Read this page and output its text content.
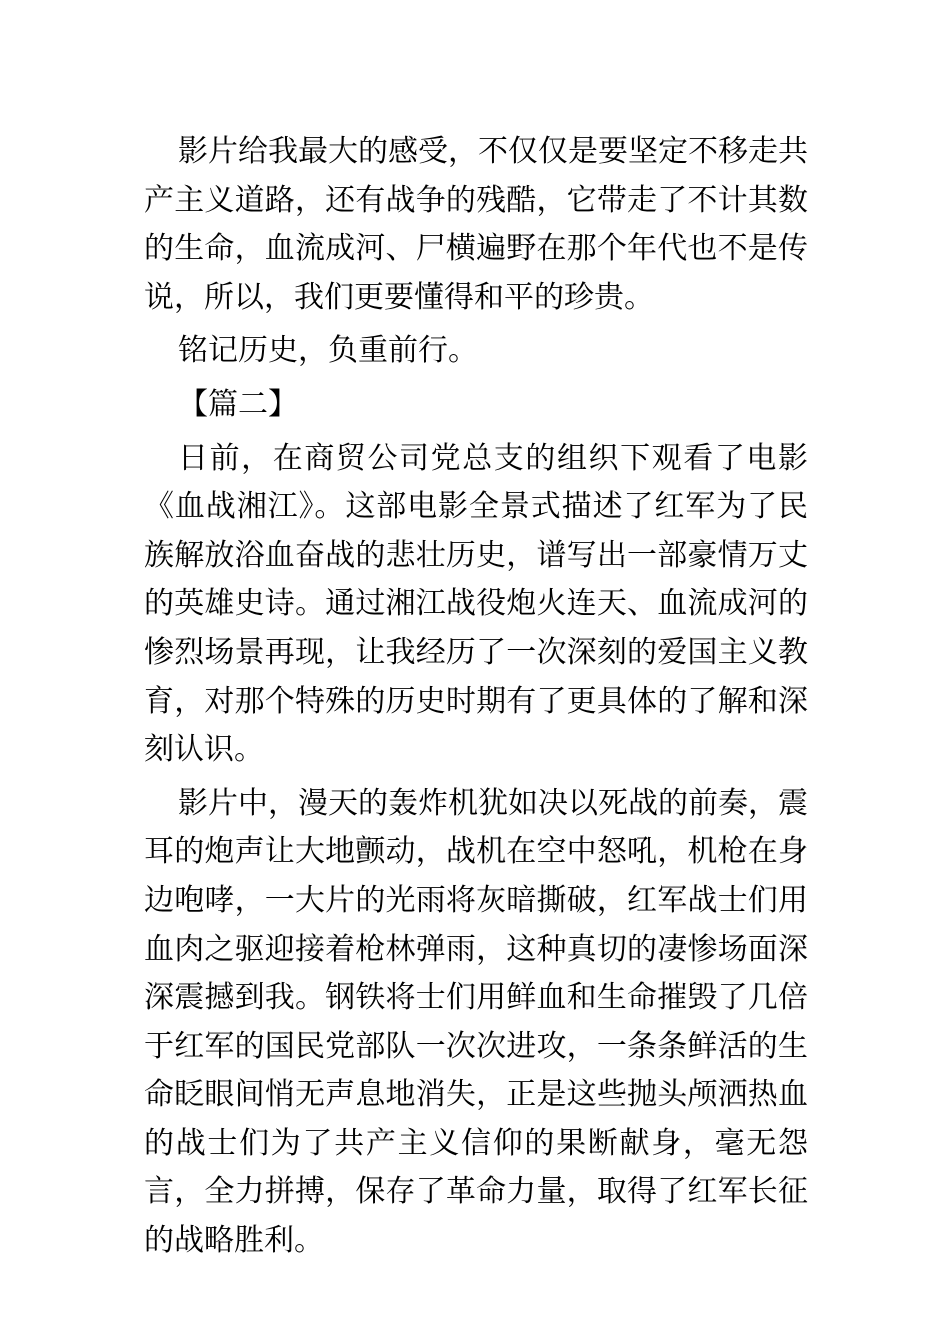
影片给我最大的感受，不仅仅是要坚定不移走共产主义道路，还有战争的残酷，它带走了不计其数的生命，血流成河、尸横遍野在那个年代也不是传说，所以，我们更要懂得和平的珍贵。

铭记历史，负重前行。

【篇二】

日前，在商贸公司党总支的组织下观看了电影《血战湘江》。这部电影全景式描述了红军为了民族解放浴血奋战的悲壮历史，谱写出一部豪情万丈的英雄史诗。通过湘江战役炮火连天、血流成河的惨烈场景再现，让我经历了一次深刻的爱国主义教育，对那个特殊的历史时期有了更具体的了解和深刻认识。

影片中，漫天的轰炸机犹如决以死战的前奏，震耳的炮声让大地颤动，战机在空中怒吼，机枪在身边咆哮，一大片的光雨将灰暗撕破，红军战士们用血肉之驱迎接着枪林弹雨，这种真切的凄惨场面深深震撼到我。钢铁将士们用鲜血和生命摧毁了几倍于红军的国民党部队一次次进攻，一条条鲜活的生命眨眼间悄无声息地消失，正是这些抛头颅洒热血的战士们为了共产主义信仰的果断献身，毫无怨言，全力拼搏，保存了革命力量，取得了红军长征的战略胜利。
